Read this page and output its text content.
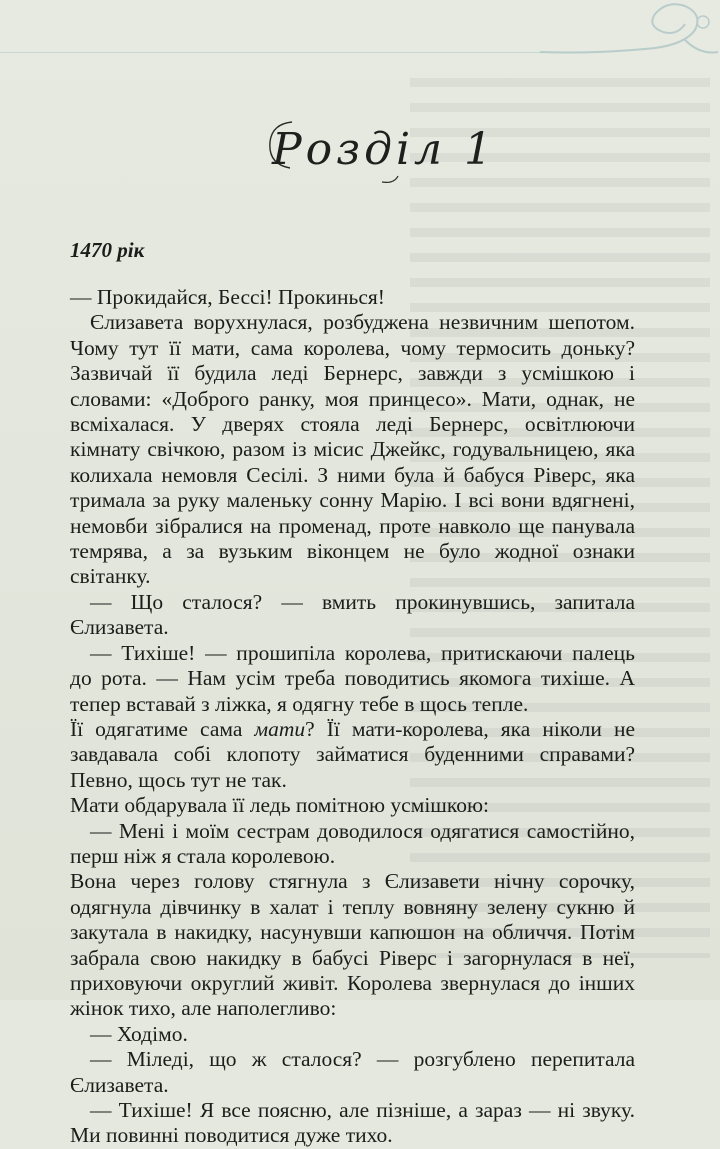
Розділ 1
1470 рік

— Прокидайся, Бессі! Прокинься!

Єлизавета ворухнулася, розбуджена незвичним шепотом. Чому тут її мати, сама королева, чому термосить доньку? Зазвичай її будила леді Бернерс, завжди з усмішкою і словами: «Доброго ранку, моя принцесо». Мати, однак, не всміхалася. У дверях стояла леді Бернерс, освітлюючи кімнату свічкою, разом із місис Джейкс, годувальницею, яка колихала немовля Сесілі. З ними була й бабуся Ріверс, яка тримала за руку маленьку сонну Марію. І всі вони вдягнені, немовби зібралися на променад, проте навколо ще панувала темрява, а за вузьким віконцем не було жодної ознаки світанку.

— Що сталося? — вмить прокинувшись, запитала Єлизавета.

— Тихіше! — прошипіла королева, притискаючи палець до рота. — Нам усім треба поводитись якомога тихіше. А тепер вставай з ліжка, я одягну тебе в щось тепле.

Її одягатиме сама мати? Її мати-королева, яка ніколи не завдавала собі клопоту займатися буденними справами? Певно, щось тут не так.

Мати обдарувала її ледь помітною усмішкою:

— Мені і моїм сестрам доводилося одягатися самостійно, перш ніж я стала королевою.

Вона через голову стягнула з Єлизавети нічну сорочку, одягнула дівчинку в халат і теплу вовняну зелену сукню й закутала в накидку, насунувши капюшон на обличчя. Потім забрала свою накидку в бабусі Ріверс і загорнулася в неї, приховуючи округлий живіт. Королева звернулася до інших жінок тихо, але наполегливо:

— Ходімо.

— Міледі, що ж сталося? — розгублено перепитала Єлизавета.

— Тихіше! Я все поясню, але пізніше, а зараз — ні звуку. Ми повинні поводитися дуже тихо.
